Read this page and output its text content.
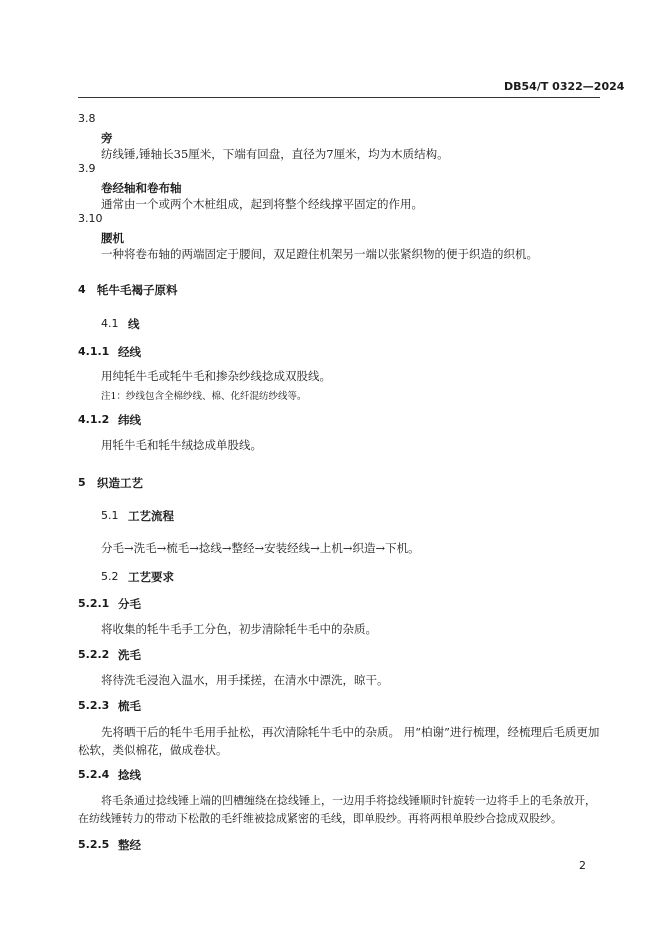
DB54/T 0322—2024
3.8
旁
纺线锤,锤轴长35厘米，下端有回盘，直径为7厘米，均为木质结构。
3.9
卷经轴和卷布轴
通常由一个或两个木桩组成，起到将整个经线撑平固定的作用。
3.10
腰机
一种将卷布轴的两端固定于腰间，双足蹬住机架另一端以张紧织物的便于织造的织机。
4 牦牛毛褐子原料
4.1 线
4.1.1 经线
用纯牦牛毛或牦牛毛和掺杂纱线捻成双股线。
注1：纱线包含全棉纱线、棉、化纤混纺纱线等。
4.1.2 纬线
用牦牛毛和牦牛绒捻成单股线。
5 织造工艺
5.1 工艺流程
分毛→洗毛→梳毛→捻线→整经→安装经线→上机→织造→下机。
5.2 工艺要求
5.2.1 分毛
将收集的牦牛毛手工分色，初步清除牦牛毛中的杂质。
5.2.2 洗毛
将待洗毛浸泡入温水，用手揉搓，在清水中漂洗，晾干。
5.2.3 梳毛
先将晒干后的牦牛毛用手扯松，再次清除牦牛毛中的杂质。 用“柏谢”进行梳理，经梳理后毛质更加松软，类似棉花，做成卷状。
5.2.4 捻线
将毛条通过捻线锤上端的凹槽缠绕在捻线锤上，一边用手将捻线锤顺时针旋转一边将手上的毛条放开，在纺线锤转力的带动下松散的毛纤维被捻成紧密的毛线，即单股纱。再将两根单股纱合捻成双股纱。
5.2.5 整经
2
